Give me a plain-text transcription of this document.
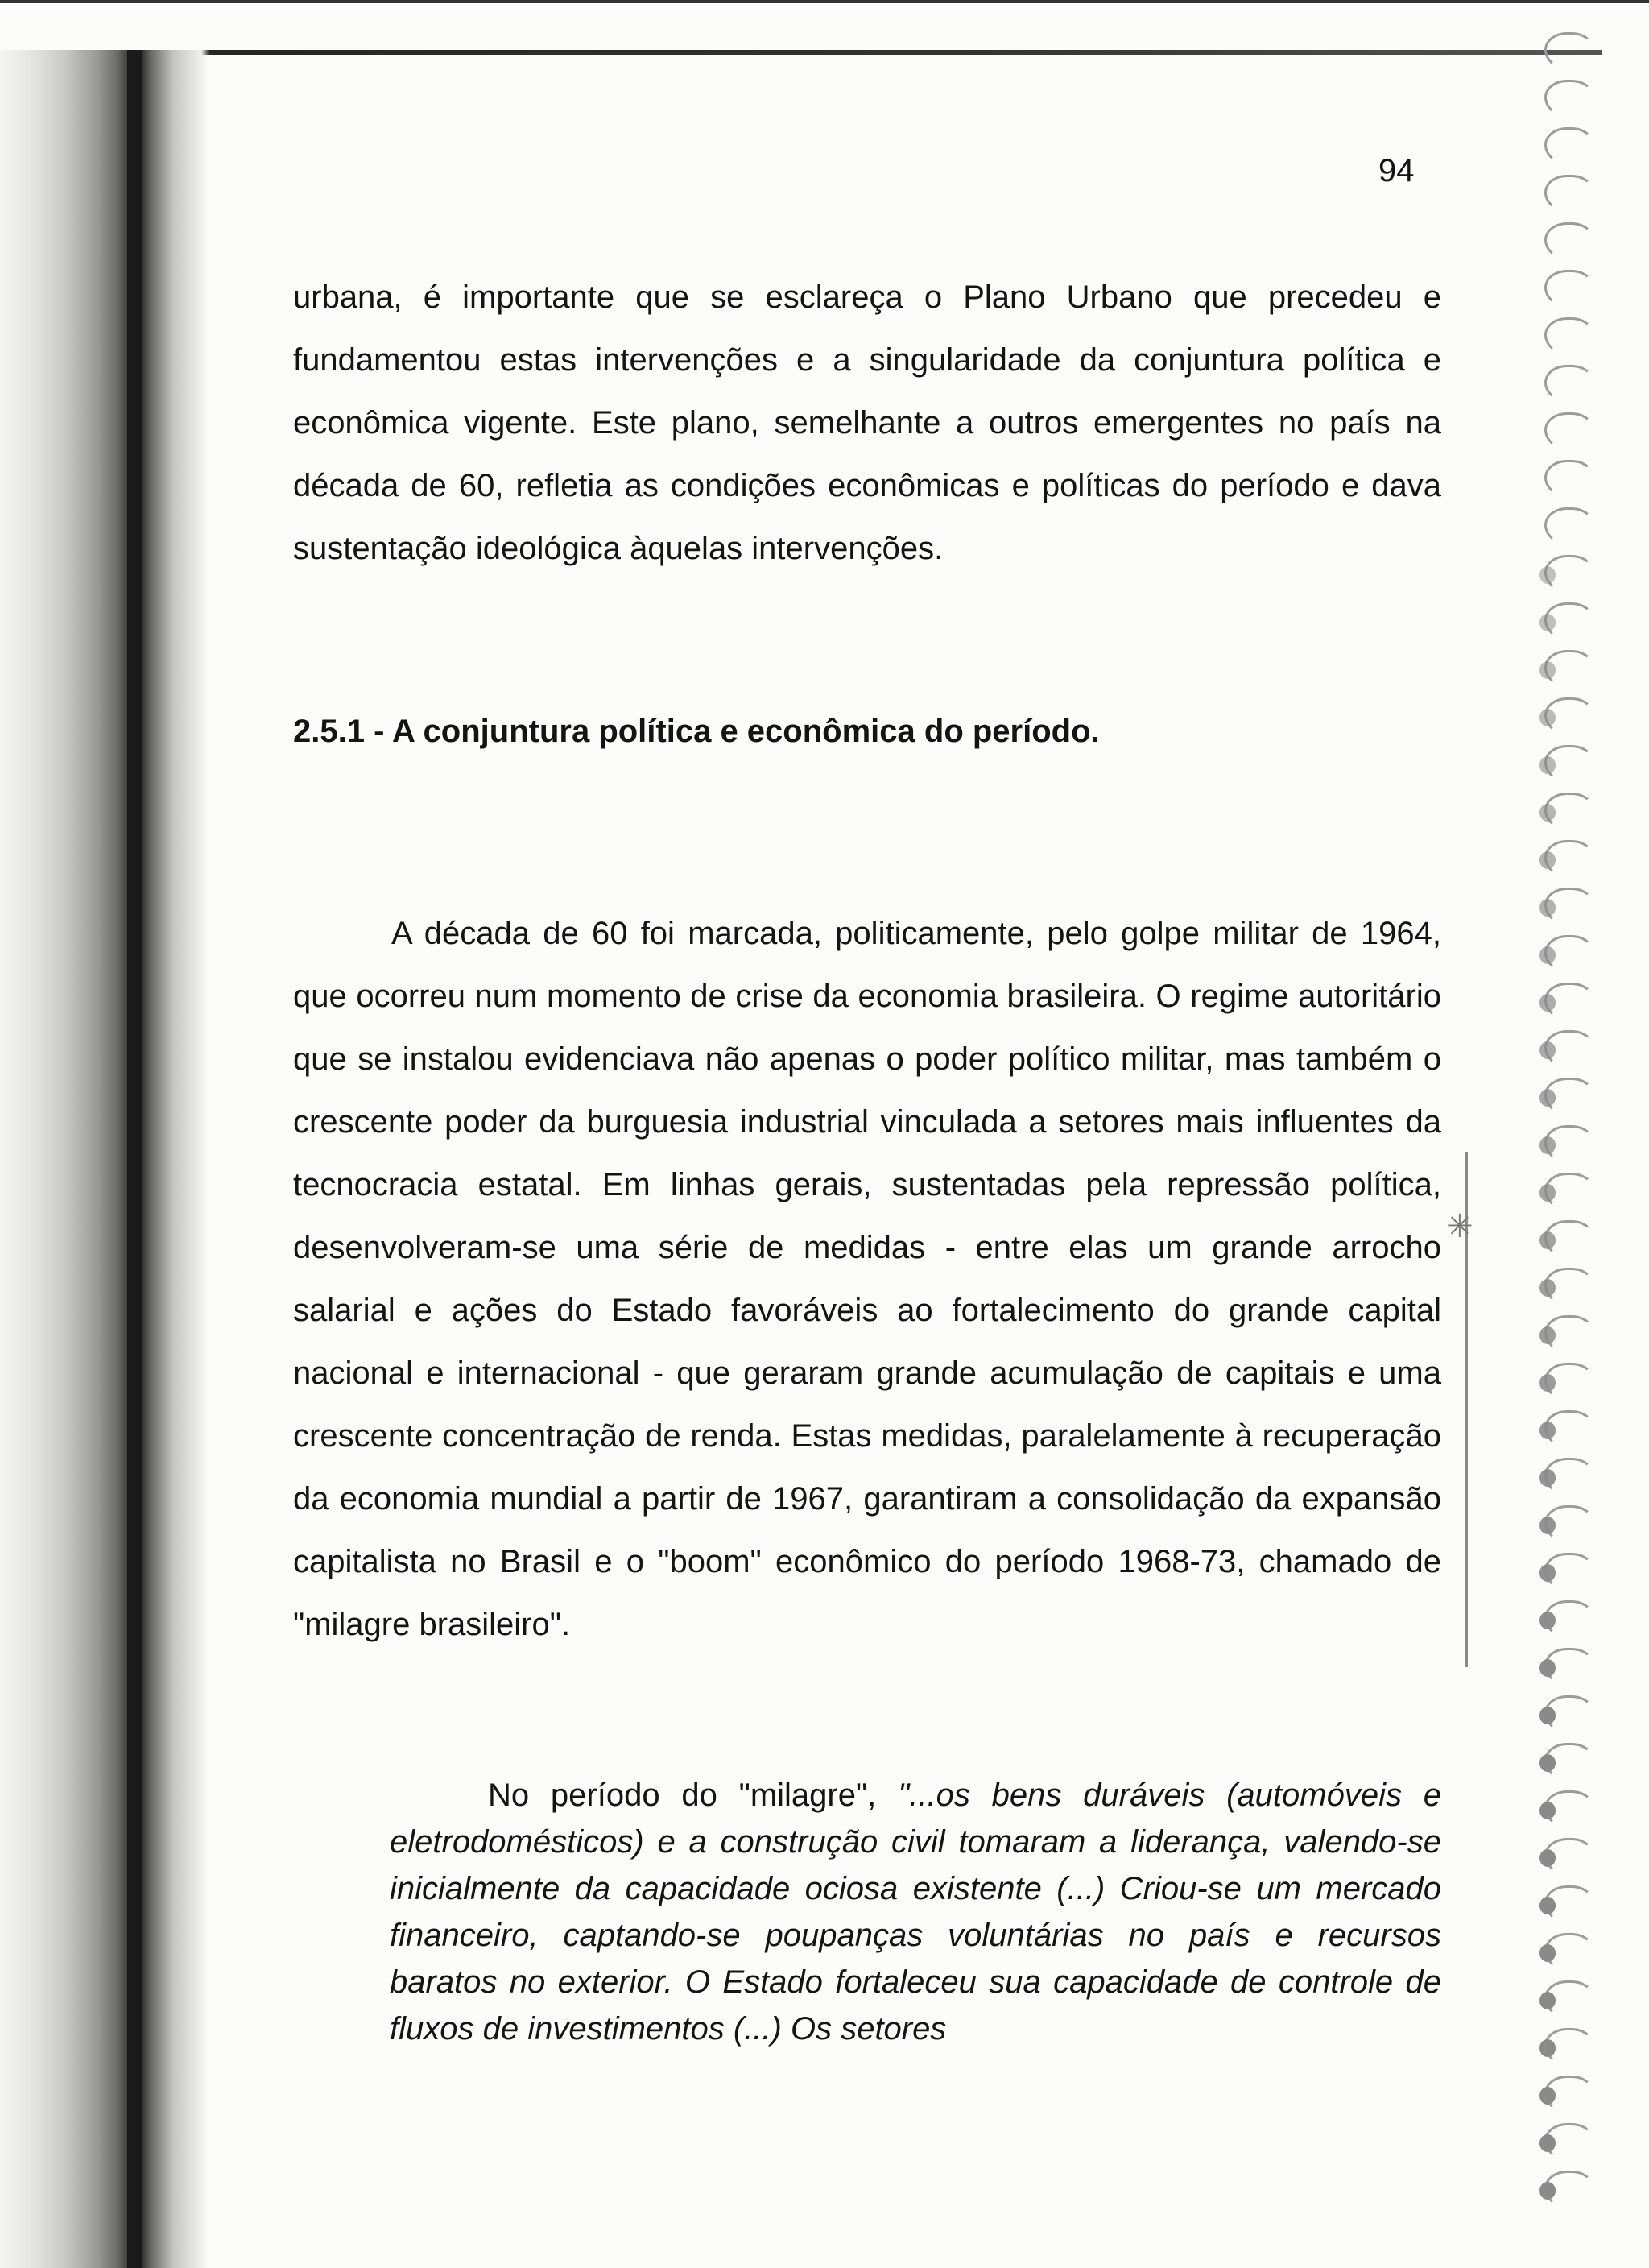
✳
94

urbana, é importante que se esclareça o Plano Urbano que precedeu e fundamentou estas intervenções e a singularidade da conjuntura política e econômica vigente. Este plano, semelhante a outros emergentes no país na década de 60, refletia as condições econômicas e políticas do período e dava sustentação ideológica àquelas intervenções.

2.5.1 - A conjuntura política e econômica do período.

A década de 60 foi marcada, politicamente, pelo golpe militar de 1964, que ocorreu num momento de crise da economia brasileira. O regime autoritário que se instalou evidenciava não apenas o poder político militar, mas também o crescente poder da burguesia industrial vinculada a setores mais influentes da tecnocracia estatal. Em linhas gerais, sustentadas pela repressão política, desenvolveram-se uma série de medidas - entre elas um grande arrocho salarial e ações do Estado favoráveis ao fortalecimento do grande capital nacional e internacional - que geraram grande acumulação de capitais e uma crescente concentração de renda. Estas medidas, paralelamente à recuperação da economia mundial a partir de 1967, garantiram a consolidação da expansão capitalista no Brasil e o "boom" econômico do período 1968-73, chamado de "milagre brasileiro".

No período do "milagre", "...os bens duráveis (automóveis e eletrodomésticos) e a construção civil tomaram a liderança, valendo-se inicialmente da capacidade ociosa existente (...) Criou-se um mercado financeiro, captando-se poupanças voluntárias no país e recursos baratos no exterior. O Estado fortaleceu sua capacidade de controle de fluxos de investimentos (...) Os setores
